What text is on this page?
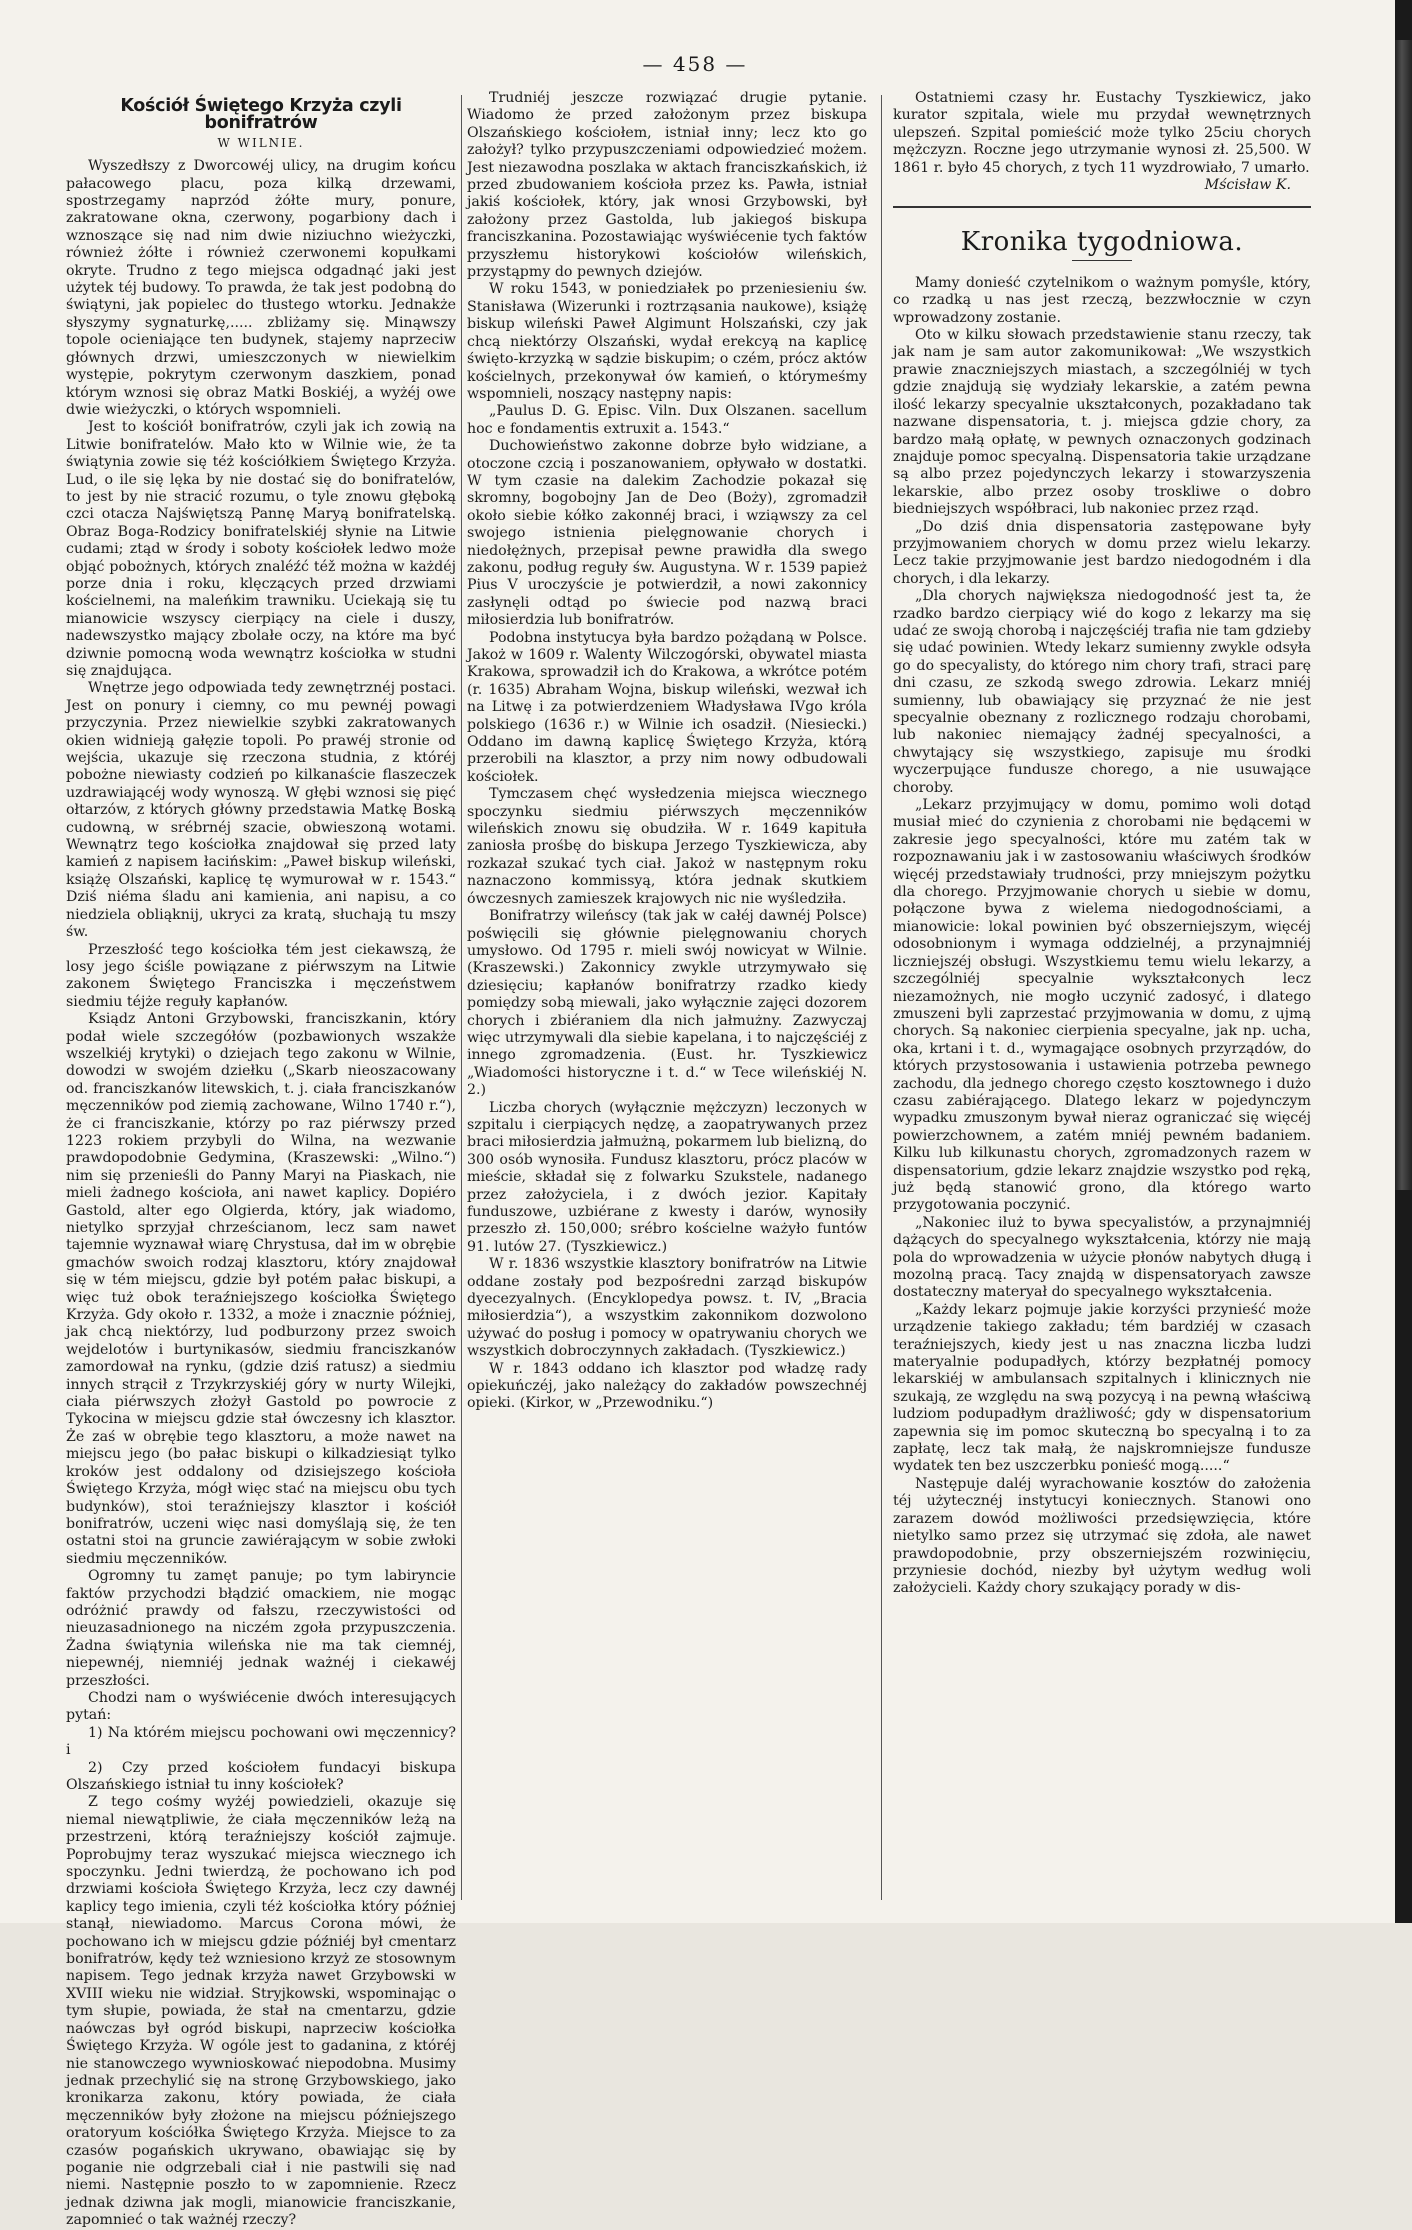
— 458 —
Kościół Świętego Krzyża czyli bonifratrów
W WILNIE.

Wyszedłszy z Dworcowéj ulicy, na drugim końcu pałacowego placu, poza kilką drzewami, spostrzegamy naprzód żółte mury, ponure, zakratowane okna, czerwony, pogarbiony dach i wznoszące się nad nim dwie niziuchno wieżyczki, również żółte i również czerwonemi kopułkami okryte. Trudno z tego miejsca odgadnąć jaki jest użytek téj budowy. To prawda, że tak jest podobną do świątyni, jak popielec do tłustego wtorku. Jednakże słyszymy sygnaturkę,..... zbliżamy się. Minąwszy topole ocieniające ten budynek, stajemy naprzeciw głównych drzwi, umieszczonych w niewielkim występie, pokrytym czerwonym daszkiem, ponad którym wznosi się obraz Matki Boskiéj, a wyżéj owe dwie wieżyczki, o których wspomnieli.

Jest to kościół bonifratrów, czyli jak ich zowią na Litwie bonifratelów. Mało kto w Wilnie wie, że ta świątynia zowie się téż kościółkiem Świętego Krzyża. Lud, o ile się lęka by nie dostać się do bonifratelów, to jest by nie stracić rozumu, o tyle znowu głęboką czci otacza Najświętszą Pannę Maryą bonifratelską. Obraz Boga-Rodzicy bonifratelskiéj słynie na Litwie cudami; ztąd w środy i soboty kościołek ledwo może objąć pobożnych, których znaléźć též można w każdéj porze dnia i roku, klęczących przed drzwiami kościelnemi, na maleńkim trawniku. Uciekają się tu mianowicie wszyscy cierpiący na ciele i duszy, nadewszystko mający zbolałe oczy, na które ma być dziwnie pomocną woda wewnątrz kościołka w studni się znajdująca.

Wnętrze jego odpowiada tedy zewnętrznéj postaci. Jest on ponury i ciemny, co mu pewnéj powagi przyczynia. Przez niewielkie szybki zakratowanych okien widnieją gałęzie topoli. Po prawéj stronie od wejścia, ukazuje się rzeczona studnia, z któréj pobożne niewiasty codzień po kilkanaście flaszeczek uzdrawiającéj wody wynoszą. W głębi wznosi się pięć ołtarzów, z których główny przedstawia Matkę Boską cudowną, w srébrnéj szacie, obwieszoną wotami. Wewnątrz tego kościołka znajdował się przed laty kamień z napisem łacińskim: „Paweł biskup wileński, książę Olszański, kaplicę tę wymurował w r. 1543.“ Dziś niéma śladu ani kamienia, ani napisu, a co niedziela obliąknij, ukryci za kratą, słuchają tu mszy św.

Przeszłość tego kościołka tém jest ciekawszą, że losy jego ściśle powiązane z piérwszym na Litwie zakonem Świętego Franciszka i męczeństwem siedmiu téjże reguły kapłanów.

Ksiądz Antoni Grzybowski, franciszkanin, który podał wiele szczegółów (pozbawionych wszakże wszelkiéj krytyki) o dziejach tego zakonu w Wilnie, dowodzi w swojém dziełku („Skarb nieoszacowany od. franciszkanów litewskich, t. j. ciała franciszkanów męczenników pod ziemią zachowane, Wilno 1740 r.“), że ci franciszkanie, którzy po raz piérwszy przed 1223 rokiem przybyli do Wilna, na wezwanie prawdopodobnie Gedymina, (Kraszewski: „Wilno.“) nim się przenieśli do Panny Maryi na Piaskach, nie mieli żadnego kościoła, ani nawet kaplicy. Dopiéro Gastold, alter ego Olgierda, który, jak wiadomo, nietylko sprzyjał chrześcianom, lecz sam nawet tajemnie wyznawał wiarę Chrystusa, dał im w obrębie gmachów swoich rodzaj klasztoru, który znajdował się w tém miejscu, gdzie był potém pałac biskupi, a więc tuż obok teraźniejszego kościołka Świętego Krzyża. Gdy około r. 1332, a może i znacznie później, jak chcą niektórzy, lud podburzony przez swoich wejdelotów i burtynikasów, siedmiu franciszkanów zamordował na rynku, (gdzie dziś ratusz) a siedmiu innych strącił z Trzykrzyskiéj góry w nurty Wilejki, ciała piérwszych złożył Gastold po powrocie z Tykocina w miejscu gdzie stał ówczesny ich klasztor. Że zaś w obrębie tego klasztoru, a może nawet na miejscu jego (bo pałac biskupi o kilkadziesiąt tylko kroków jest oddalony od dzisiejszego kościoła Świętego Krzyża, mógł więc stać na miejscu obu tych budynków), stoi teraźniejszy klasztor i kościół bonifratrów, uczeni więc nasi domyślają się, że ten ostatni stoi na gruncie zawiérającym w sobie zwłoki siedmiu męczenników.

Ogromny tu zamęt panuje; po tym labiryncie faktów przychodzi błądzić omackiem, nie mogąc odróżnić prawdy od fałszu, rzeczywistości od nieuzasadnionego na niczém zgoła przypuszczenia. Żadna świątynia wileńska nie ma tak ciemnéj, niepewnéj, niemniéj jednak ważnéj i ciekawéj przeszłości.

Chodzi nam o wyświécenie dwóch interesujących pytań:

1) Na którém miejscu pochowani owi męczennicy? i

2) Czy przed kościołem fundacyi biskupa Olszańskiego istniał tu inny kościołek?

Z tego cośmy wyżéj powiedzieli, okazuje się niemal niewątpliwie, że ciała męczenników leżą na przestrzeni, którą teraźniejszy kościół zajmuje. Poprobujmy teraz wyszukać miejsca wiecznego ich spoczynku. Jedni twierdzą, że pochowano ich pod drzwiami kościoła Świętego Krzyża, lecz czy dawnéj kaplicy tego imienia, czyli téż kościołka który później stanął, niewiadomo. Marcus Corona mówi, że pochowano ich w miejscu gdzie późniéj był cmentarz bonifratrów, kędy też wzniesiono krzyż ze stosownym napisem. Tego jednak krzyża nawet Grzybowski w XVIII wieku nie widział. Stryjkowski, wspominając o tym słupie, powiada, że stał na cmentarzu, gdzie naówczas był ogród biskupi, naprzeciw kościołka Świętego Krzyża. W ogóle jest to gadanina, z któréj nie stanowczego wywnioskować niepodobna. Musimy jednak przechylić się na stronę Grzybowskiego, jako kronikarza zakonu, który powiada, że ciała męczenników były złożone na miejscu późniejszego oratoryum kościółka Świętego Krzyża. Miejsce to za czasów pogańskich ukrywano, obawiając się by poganie nie odgrzebali ciał i nie pastwili się nad niemi. Następnie poszło to w zapomnienie. Rzecz jednak dziwna jak mogli, mianowicie franciszkanie, zapomnieć o tak ważnéj rzeczy?

Trudniéj jeszcze rozwiązać drugie pytanie. Wiadomo że przed założonym przez biskupa Olszańskiego kościołem, istniał inny; lecz kto go założył? tylko przypuszczeniami odpowiedzieć możem. Jest niezawodna poszlaka w aktach franciszkańskich, iż przed zbudowaniem kościoła przez ks. Pawła, istniał jakiś kościołek, który, jak wnosi Grzybowski, był założony przez Gastolda, lub jakiegoś biskupa franciszkanina. Pozostawiając wyświécenie tych faktów przyszłemu historykowi kościołów wileńskich, przystąpmy do pewnych dziejów.

W roku 1543, w poniedziałek po przeniesieniu św. Stanisława (Wizerunki i roztrząsania naukowe), książę biskup wileński Paweł Algimunt Holszański, czy jak chcą niektórzy Olszański, wydał erekcyą na kaplicę święto-krzyzką w sądzie biskupim; o czém, prócz aktów kościelnych, przekonywał ów kamień, o którymeśmy wspomnieli, noszący następny napis:

„Paulus D. G. Episc. Viln. Dux Olszanen. sacellum hoc e fondamentis extruxit a. 1543.“

Duchowieństwo zakonne dobrze było widziane, a otoczone czcią i poszanowaniem, opływało w dostatki. W tym czasie na dalekim Zachodzie pokazał się skromny, bogobojny Jan de Deo (Boży), zgromadził około siebie kółko zakonnéj braci, i wziąwszy za cel swojego istnienia pielęgnowanie chorych i niedołężnych, przepisał pewne prawidła dla swego zakonu, podług reguły św. Augustyna. W r. 1539 papież Pius V uroczyście je potwierdził, a nowi zakonnicy zasłynęli odtąd po świecie pod nazwą braci miłosierdzia lub bonifratrów.

Podobna instytucya była bardzo pożądaną w Polsce. Jakoż w 1609 r. Walenty Wilczogórski, obywatel miasta Krakowa, sprowadził ich do Krakowa, a wkrótce potém (r. 1635) Abraham Wojna, biskup wileński, wezwał ich na Litwę i za potwierdzeniem Władysława IVgo króla polskiego (1636 r.) w Wilnie ich osadził. (Niesiecki.) Oddano im dawną kaplicę Świętego Krzyża, którą przerobili na klasztor, a przy nim nowy odbudowali kościołek.

Tymczasem chęć wysłedzenia miejsca wiecznego spoczynku siedmiu piérwszych męczenników wileńskich znowu się obudziła. W r. 1649 kapituła zaniosła prośbę do biskupa Jerzego Tyszkiewicza, aby rozkazał szukać tych ciał. Jakoż w następnym roku naznaczono kommissyą, która jednak skutkiem ówczesnych zamieszek krajowych nic nie wyśledziła.

Bonifratrzy wileńscy (tak jak w całéj dawnéj Polsce) poświęcili się głównie pielęgnowaniu chorych umysłowo. Od 1795 r. mieli swój nowicyat w Wilnie. (Kraszewski.) Zakonnicy zwykle utrzymywało się dziesięciu; kapłanów bonifratrzy rzadko kiedy pomiędzy sobą miewali, jako wyłącznie zajęci dozorem chorych i zbiéraniem dla nich jałmużny. Zazwyczaj więc utrzymywali dla siebie kapelana, i to najczęściéj z innego zgromadzenia. (Eust. hr. Tyszkiewicz „Wiadomości historyczne i t. d.“ w Tece wileńskiéj N. 2.)

Liczba chorych (wyłącznie mężczyzn) leczonych w szpitalu i cierpiących nędzę, a zaopatrywanych przez braci miłosierdzia jałmużną, pokarmem lub bielizną, do 300 osób wynosiła. Fundusz klasztoru, prócz placów w mieście, składał się z folwarku Szukstele, nadanego przez założyciela, i z dwóch jezior. Kapitały funduszowe, uzbiérane z kwesty i darów, wynosiły przeszło zł. 150,000; srébro kościelne ważyło funtów 91. lutów 27. (Tyszkiewicz.)

W r. 1836 wszystkie klasztory bonifratrów na Litwie oddane zostały pod bezpośredni zarząd biskupów dyecezyalnych. (Encyklopedya powsz. t. IV, „Bracia miłosierdzia“), a wszystkim zakonnikom dozwolono używać do posług i pomocy w opatrywaniu chorych we wszystkich dobroczynnych zakładach. (Tyszkiewicz.)

W r. 1843 oddano ich klasztor pod władzę rady opiekuńczéj, jako należący do zakładów powszechnéj opieki. (Kirkor, w „Przewodniku.“)

Ostatniemi czasy hr. Eustachy Tyszkiewicz, jako kurator szpitala, wiele mu przydał wewnętrznych ulepszeń. Szpital pomieścić może tylko 25ciu chorych mężczyzn. Roczne jego utrzymanie wynosi zł. 25,500. W 1861 r. było 45 chorych, z tych 11 wyzdrowiało, 7 umarło.

Mścisław K.
Kronika tygodniowa.

Mamy donieść czytelnikom o ważnym pomyśle, który, co rzadką u nas jest rzeczą, bezzwłocznie w czyn wprowadzony zostanie.

Oto w kilku słowach przedstawienie stanu rzeczy, tak jak nam je sam autor zakomunikował: „We wszystkich prawie znaczniejszych miastach, a szczególniéj w tych gdzie znajdują się wydziały lekarskie, a zatém pewna ilość lekarzy specyalnie ukształconych, pozakładano tak nazwane dispensatoria, t. j. miejsca gdzie chory, za bardzo małą opłatę, w pewnych oznaczonych godzinach znajduje pomoc specyalną. Dispensatoria takie urządzane są albo przez pojedynczych lekarzy i stowarzyszenia lekarskie, albo przez osoby troskliwe o dobro biedniejszych współbraci, lub nakoniec przez rząd.

„Do dziś dnia dispensatoria zastępowane były przyjmowaniem chorych w domu przez wielu lekarzy. Lecz takie przyjmowanie jest bardzo niedogodném i dla chorych, i dla lekarzy.

„Dla chorych największa niedogodność jest ta, że rzadko bardzo cierpiący wié do kogo z lekarzy ma się udać ze swoją chorobą i najczęściéj trafia nie tam gdzieby się udać powinien. Wtedy lekarz sumienny zwykle odsyła go do specyalisty, do którego nim chory trafi, straci parę dni czasu, ze szkodą swego zdrowia. Lekarz mniéj sumienny, lub obawiający się przyznać że nie jest specyalnie obeznany z rozlicznego rodzaju chorobami, lub nakoniec niemający żadnéj specyalności, a chwytający się wszystkiego, zapisuje mu środki wyczerpujące fundusze chorego, a nie usuwające choroby.

„Lekarz przyjmujący w domu, pomimo woli dotąd musiał mieć do czynienia z chorobami nie będącemi w zakresie jego specyalności, które mu zatém tak w rozpoznawaniu jak i w zastosowaniu właściwych środków więcéj przedstawiały trudności, przy mniejszym pożytku dla chorego. Przyjmowanie chorych u siebie w domu, połączone bywa z wielema niedogodnościami, a mianowicie: lokal powinien być obszerniejszym, więcéj odosobnionym i wymaga oddzielnéj, a przynajmniéj liczniejszéj obsługi. Wszystkiemu temu wielu lekarzy, a szczególniéj specyalnie wykształconych lecz niezamożnych, nie mogło uczynić zadosyć, i dlatego zmuszeni byli zaprzestać przyjmowania w domu, z ujmą chorych. Są nakoniec cierpienia specyalne, jak np. ucha, oka, krtani i t. d., wymagające osobnych przyrządów, do których przystosowania i ustawienia potrzeba pewnego zachodu, dla jednego chorego często kosztownego i dużo czasu zabiérającego. Dlatego lekarz w pojedynczym wypadku zmuszonym bywał nieraz ograniczać się więcéj powierzchownem, a zatém mniéj pewném badaniem. Kilku lub kilkunastu chorych, zgromadzonych razem w dispensatorium, gdzie lekarz znajdzie wszystko pod ręką, już będą stanowić grono, dla którego warto przygotowania poczynić.

„Nakoniec iluż to bywa specyalistów, a przynajmniéj dążących do specyalnego wykształcenia, którzy nie mają pola do wprowadzenia w użycie płonów nabytych długą i mozolną pracą. Tacy znajdą w dispensatoryach zawsze dostateczny materyał do specyalnego wykształcenia.

„Każdy lekarz pojmuje jakie korzyści przynieść może urządzenie takiego zakładu; tém bardziéj w czasach teraźniejszych, kiedy jest u nas znaczna liczba ludzi materyalnie podupadłych, którzy bezpłatnéj pomocy lekarskiéj w ambulansach szpitalnych i klinicznych nie szukają, ze względu na swą pozycyą i na pewną właściwą ludziom podupadłym drażliwość; gdy w dispensatorium zapewnia się im pomoc skuteczną bo specyalną i to za zapłatę, lecz tak małą, że najskromniejsze fundusze wydatek ten bez uszczerbku ponieść mogą.....“

Następuje daléj wyrachowanie kosztów do założenia téj użytecznéj instytucyi koniecznych. Stanowi ono zarazem dowód możliwości przedsięwzięcia, które nietylko samo przez się utrzymać się zdoła, ale nawet prawdopodobnie, przy obszerniejszém rozwinięciu, przyniesie dochód, niezby był użytym według woli założycieli. Każdy chory szukający porady w dis-
